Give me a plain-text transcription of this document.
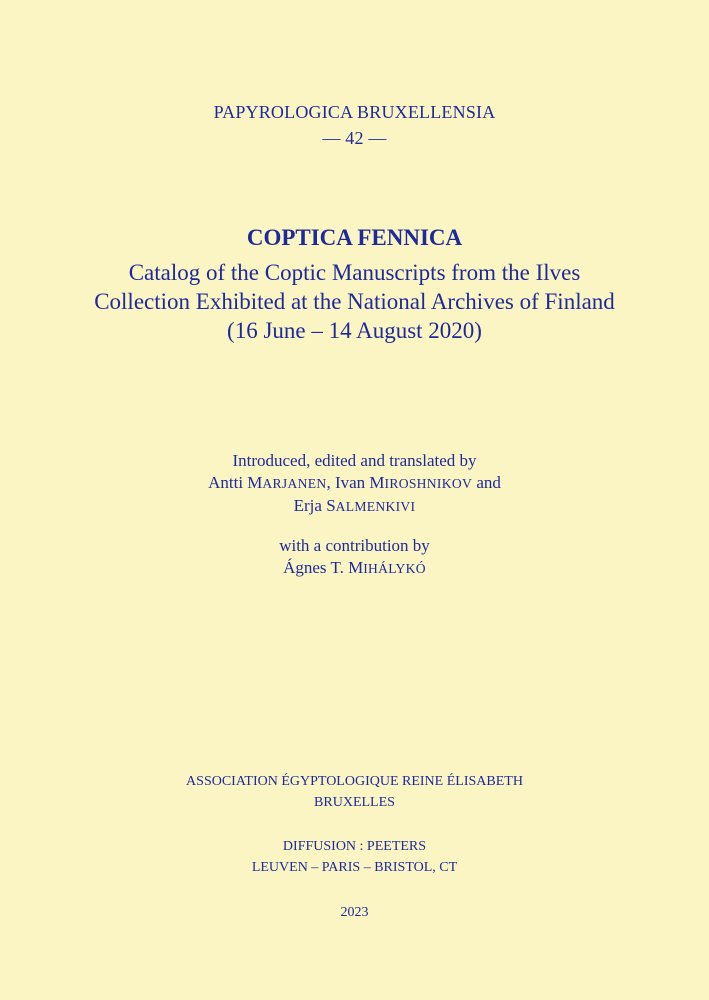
PAPYROLOGICA BRUXELLENSIA
— 42 —
COPTICA FENNICA
Catalog of the Coptic Manuscripts from the Ilves
Collection Exhibited at the National Archives of Finland
(16 June – 14 August 2020)
Introduced, edited and translated by
Antti MARJANEN, Ivan MIROSHNIKOV and
Erja SALMENKIVI
with a contribution by
Ágnes T. MIHÁLYKÓ
ASSOCIATION ÉGYPTOLOGIQUE REINE ÉLISABETH
BRUXELLES
DIFFUSION : PEETERS
LEUVEN – PARIS – BRISTOL, CT
2023
